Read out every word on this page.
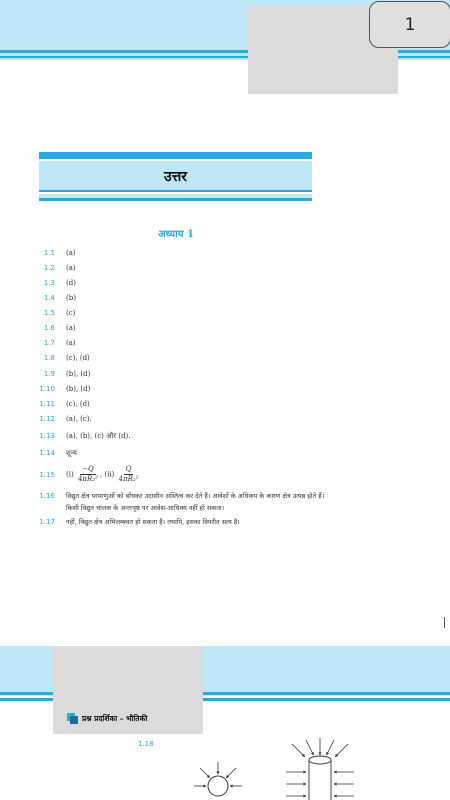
1
उत्तर
अध्याय 1
1.1 (a)
1.2 (a)
1.3 (d)
1.4 (b)
1.5 (c)
1.6 (a)
1.7 (a)
1.8 (c), (d)
1.9 (b), (d)
1.10 (b), (d)
1.11 (c), (d)
1.12 (a), (c).
1.13 (a), (b), (c) और (d).
1.14 शून्य
1.15 $(i) \frac{-Q}{\text{4πR₂²}}$ , $(ii) \frac{Q}{\text{4πR₂²}}$
1.16 विद्युत क्षेत्र परमाणुओं को बाँधकर उदासीन अस्तित्व कर देते हैं। आवेशों के अधिकय के कारण क्षेत्र उत्पन्न होते हैं। किसी विद्युत चालक के अन्तःपृष्ठ पर आवेश-आधिक्य नहीं हो सकता।
1.17 नहीं, विद्युत क्षेत्र अभिलम्बवत हो सकता है। तथापि, इसका विपरीत सत्य है।
प्रश्न प्रदर्शिका – भौतिकी
1.18
